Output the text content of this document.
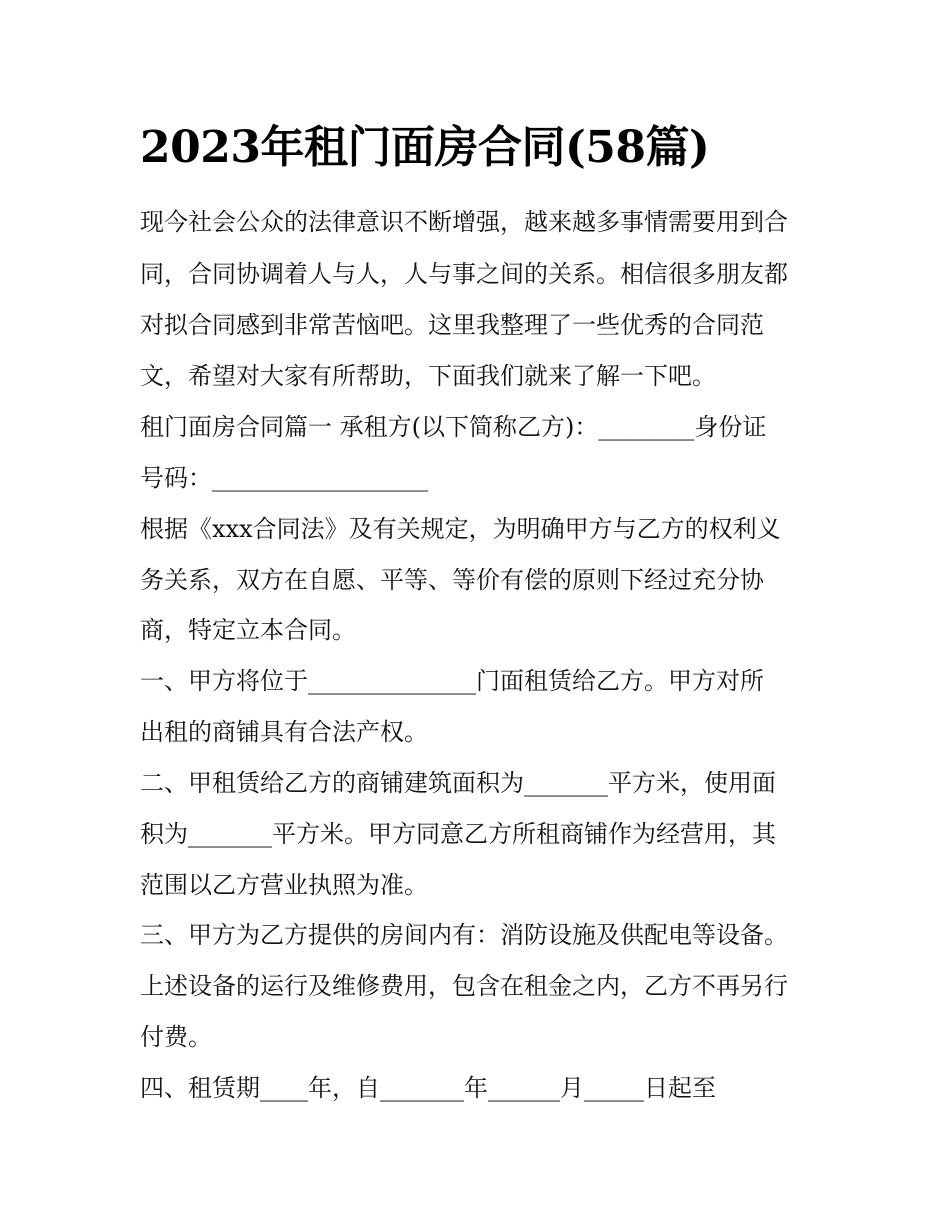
2023年租门面房合同(58篇)

现今社会公众的法律意识不断增强，越来越多事情需要用到合

同，合同协调着人与人，人与事之间的关系。相信很多朋友都

对拟合同感到非常苦恼吧。这里我整理了一些优秀的合同范

文，希望对大家有所帮助，下面我们就来了解一下吧。

租门面房合同篇一 承租方(以下简称乙方)：________身份证

号码：__________________

根据《xxx合同法》及有关规定，为明确甲方与乙方的权利义

务关系，双方在自愿、平等、等价有偿的原则下经过充分协

商，特定立本合同。

一、甲方将位于______________门面租赁给乙方。甲方对所

出租的商铺具有合法产权。

二、甲租赁给乙方的商铺建筑面积为_______平方米，使用面

积为_______平方米。甲方同意乙方所租商铺作为经营用，其

范围以乙方营业执照为准。

三、甲方为乙方提供的房间内有：消防设施及供配电等设备。

上述设备的运行及维修费用，包含在租金之内，乙方不再另行

付费。

四、租赁期____年，自_______年______月_____日起至
